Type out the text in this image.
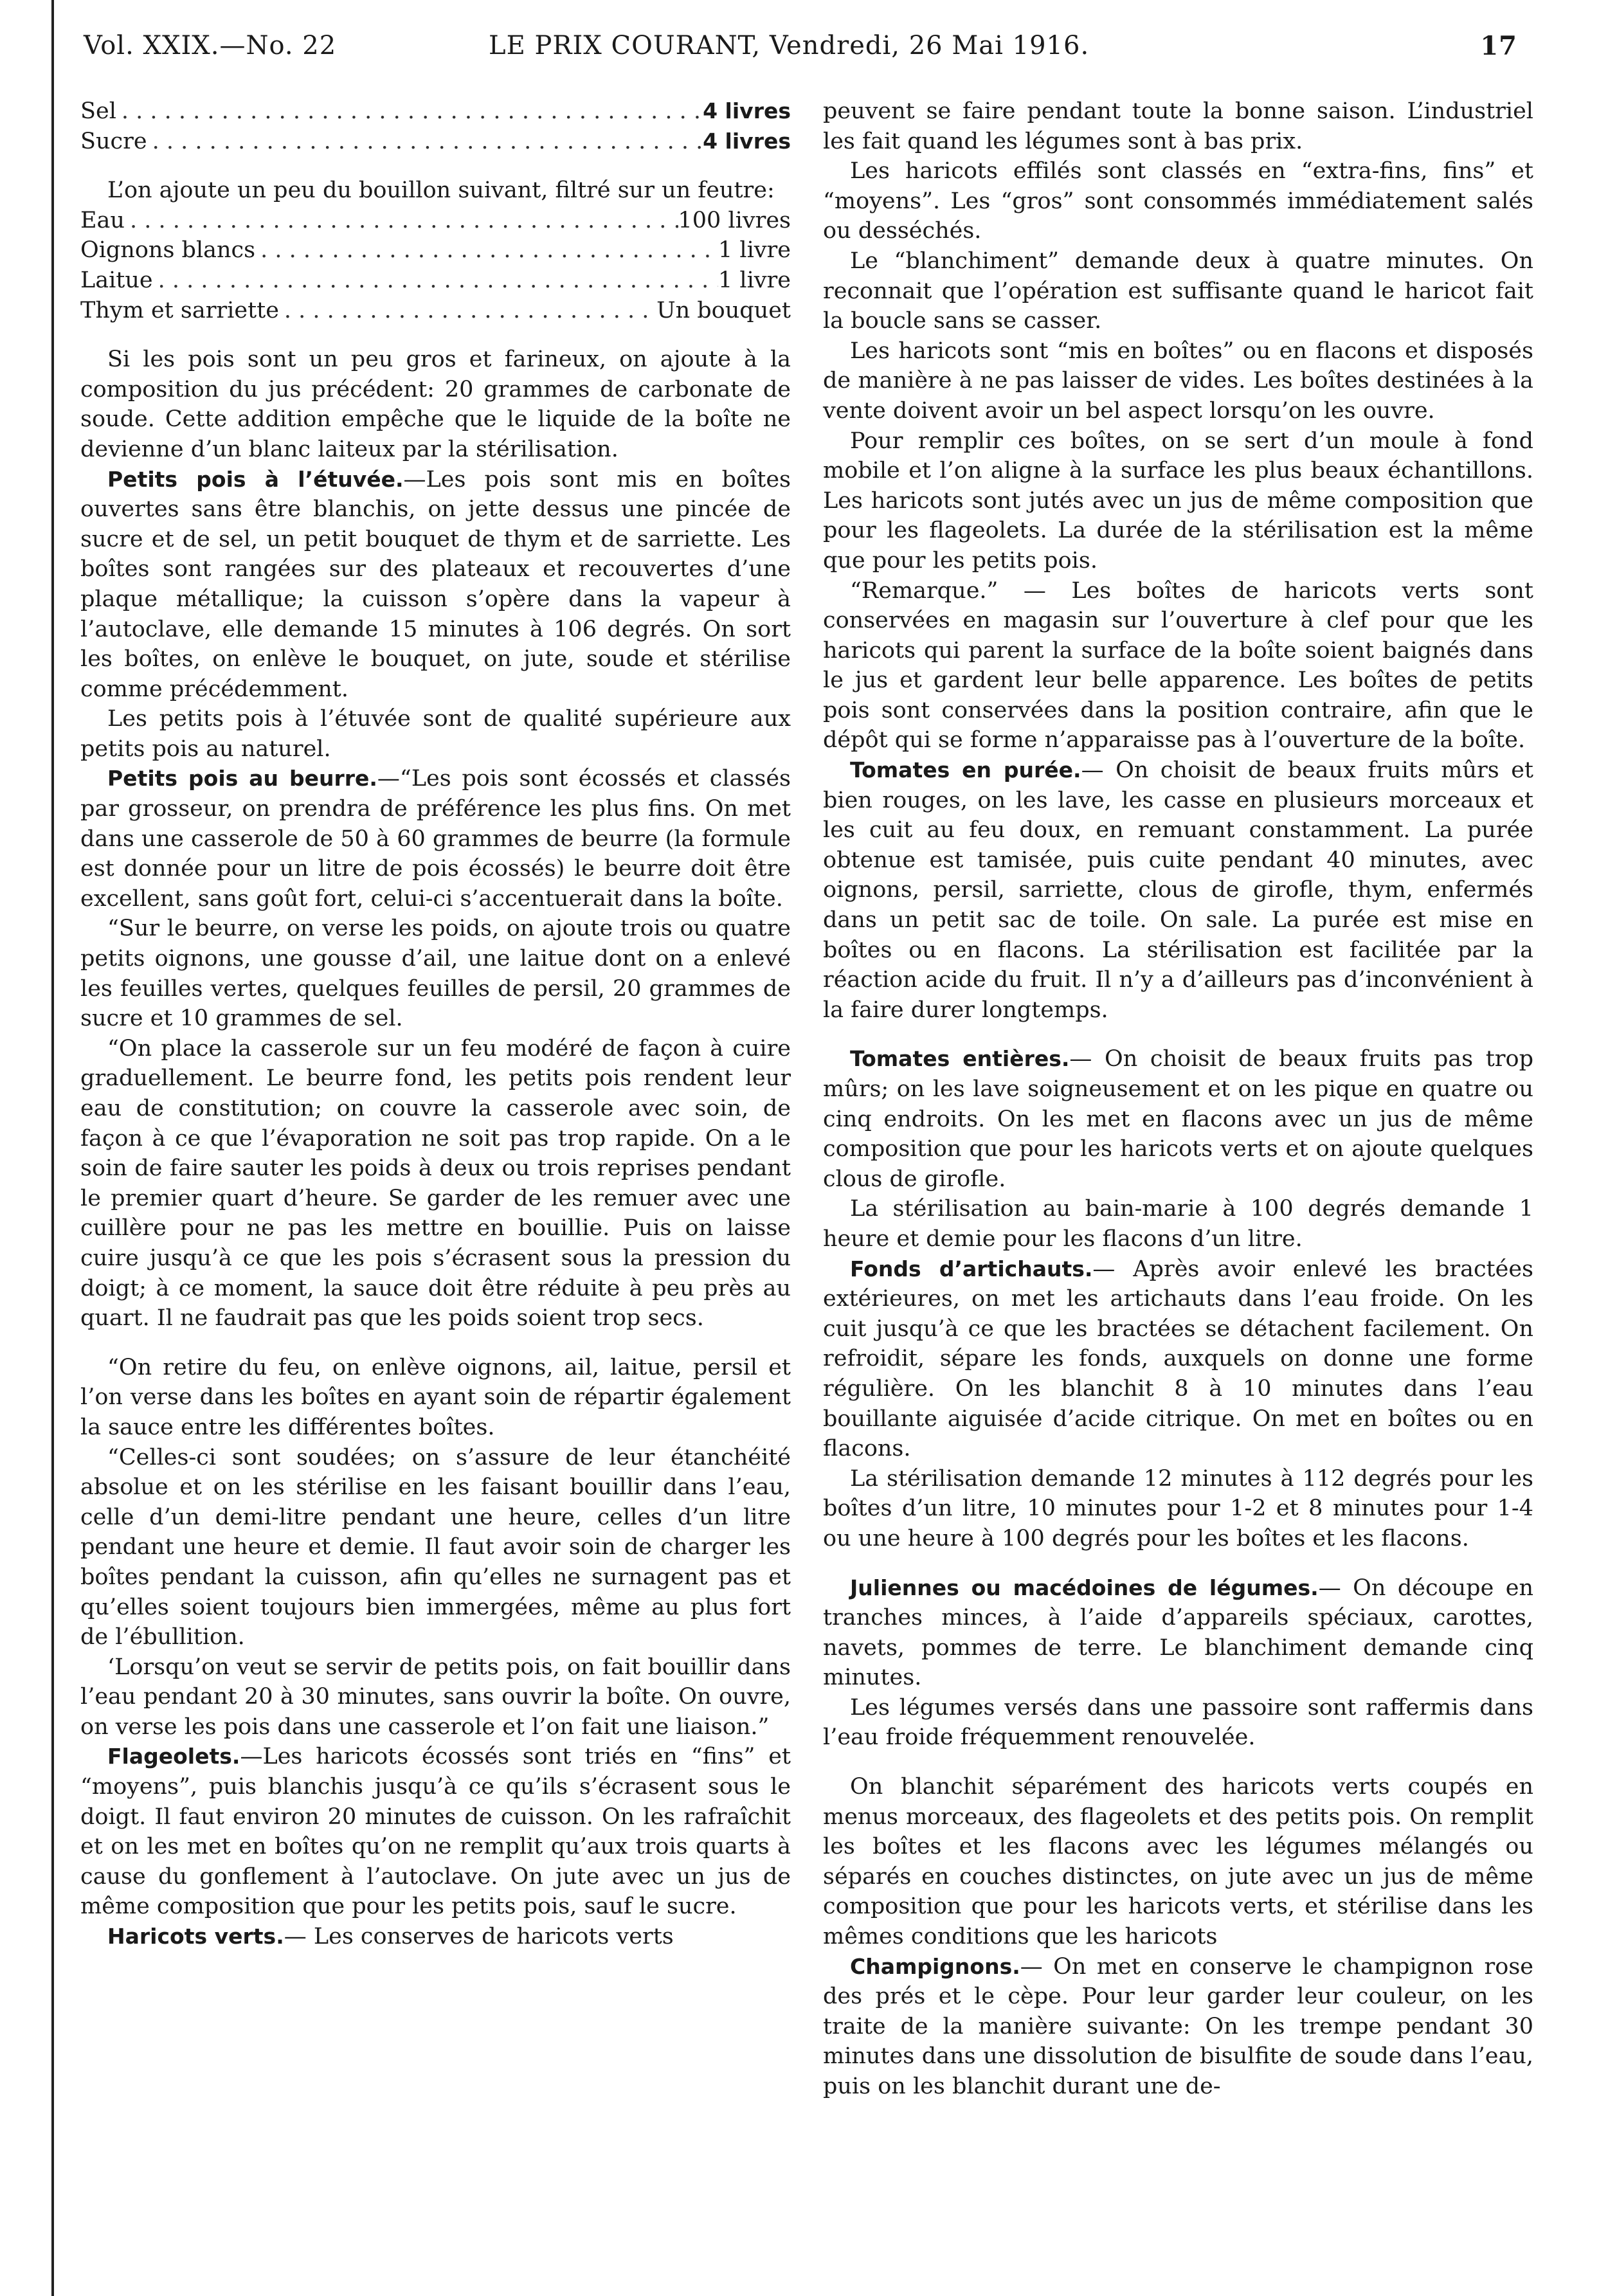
Vol. XXIX.—No. 22	LE PRIX COURANT, Vendredi, 26 Mai 1916.	17
Sel . . .	4 livres
Sucre . . .	4 livres

L’on ajoute un peu du bouillon suivant, filtré sur un feutre:

Eau . . .	100 livres
Oignons blancs . . .	1 livre
Laitue . . .	1 livre
Thym et sarriette . . .	Un bouquet

Si les pois sont un peu gros et farineux, on ajoute à la composition du jus précédent: 20 grammes de carbonate de soude. Cette addition empêche que le liquide de la boîte ne devienne d’un blanc laiteux par la stérilisation.

Petits pois à l’étuvée.—Les pois sont mis en boîtes ouvertes sans être blanchis, on jette dessus une pincée de sucre et de sel, un petit bouquet de thym et de sarriette. Les boîtes sont rangées sur des plateaux et recouvertes d’une plaque métallique; la cuisson s’opère dans la vapeur à l’autoclave, elle demande 15 minutes à 106 degrés. On sort les boîtes, on enlève le bouquet, on jute, soude et stérilise comme précédemment.

Les petits pois à l’étuvée sont de qualité supérieure aux petits pois au naturel.

Petits pois au beurre.—“Les pois sont écossés et classés par grosseur, on prendra de préférence les plus fins. On met dans une casserole de 50 à 60 grammes de beurre (la formule est donnée pour un litre de pois écossés) le beurre doit être excellent, sans goût fort, celui-ci s’accentuerait dans la boîte.

“Sur le beurre, on verse les poids, on ajoute trois ou quatre petits oignons, une gousse d’ail, une laitue dont on a enlevé les feuilles vertes, quelques feuilles de persil, 20 grammes de sucre et 10 grammes de sel.

“On place la casserole sur un feu modéré de façon à cuire graduellement. Le beurre fond, les petits pois rendent leur eau de constitution; on couvre la casserole avec soin, de façon à ce que l’évaporation ne soit pas trop rapide. On a le soin de faire sauter les poids à deux ou trois reprises pendant le premier quart d’heure. Se garder de les remuer avec une cuillère pour ne pas les mettre en bouillie. Puis on laisse cuire jusqu’à ce que les pois s’écrasent sous la pression du doigt; à ce moment, la sauce doit être réduite à peu près au quart. Il ne faudrait pas que les poids soient trop secs.

“On retire du feu, on enlève oignons, ail, laitue, persil et l’on verse dans les boîtes en ayant soin de répartir également la sauce entre les différentes boîtes.

“Celles-ci sont soudées; on s’assure de leur étanchéité absolue et on les stérilise en les faisant bouillir dans l’eau, celle d’un demi-litre pendant une heure, celles d’un litre pendant une heure et demie. Il faut avoir soin de charger les boîtes pendant la cuisson, afin qu’elles ne surnagent pas et qu’elles soient toujours bien immergées, même au plus fort de l’ébullition.

‘Lorsqu’on veut se servir de petits pois, on fait bouillir dans l’eau pendant 20 à 30 minutes, sans ouvrir la boîte. On ouvre, on verse les pois dans une casserole et l’on fait une liaison.”

Flageolets.—Les haricots écossés sont triés en “fins” et “moyens”, puis blanchis jusqu’à ce qu’ils s’écrasent sous le doigt. Il faut environ 20 minutes de cuisson. On les rafraîchit et on les met en boîtes qu’on ne remplit qu’aux trois quarts à cause du gonflement à l’autoclave. On jute avec un jus de même composition que pour les petits pois, sauf le sucre.

Haricots verts.— Les conserves de haricots verts

peuvent se faire pendant toute la bonne saison. L’industriel les fait quand les légumes sont à bas prix.

Les haricots effilés sont classés en “extra-fins, fins” et “moyens”. Les “gros” sont consommés immédiatement salés ou desséchés.

Le “blanchiment” demande deux à quatre minutes. On reconnait que l’opération est suffisante quand le haricot fait la boucle sans se casser.

Les haricots sont “mis en boîtes” ou en flacons et disposés de manière à ne pas laisser de vides. Les boîtes destinées à la vente doivent avoir un bel aspect lorsqu’on les ouvre.

Pour remplir ces boîtes, on se sert d’un moule à fond mobile et l’on aligne à la surface les plus beaux échantillons. Les haricots sont jutés avec un jus de même composition que pour les flageolets. La durée de la stérilisation est la même que pour les petits pois.

“Remarque.” — Les boîtes de haricots verts sont conservées en magasin sur l’ouverture à clef pour que les haricots qui parent la surface de la boîte soient baignés dans le jus et gardent leur belle apparence. Les boîtes de petits pois sont conservées dans la position contraire, afin que le dépôt qui se forme n’apparaisse pas à l’ouverture de la boîte.

Tomates en purée.— On choisit de beaux fruits mûrs et bien rouges, on les lave, les casse en plusieurs morceaux et les cuit au feu doux, en remuant constamment. La purée obtenue est tamisée, puis cuite pendant 40 minutes, avec oignons, persil, sarriette, clous de girofle, thym, enfermés dans un petit sac de toile. On sale. La purée est mise en boîtes ou en flacons. La stérilisation est facilitée par la réaction acide du fruit. Il n’y a d’ailleurs pas d’inconvénient à la faire durer longtemps.

Tomates entières.— On choisit de beaux fruits pas trop mûrs; on les lave soigneusement et on les pique en quatre ou cinq endroits. On les met en flacons avec un jus de même composition que pour les haricots verts et on ajoute quelques clous de girofle.

La stérilisation au bain-marie à 100 degrés demande 1 heure et demie pour les flacons d’un litre.

Fonds d’artichauts.— Après avoir enlevé les bractées extérieures, on met les artichauts dans l’eau froide. On les cuit jusqu’à ce que les bractées se détachent facilement. On refroidit, sépare les fonds, auxquels on donne une forme régulière. On les blanchit 8 à 10 minutes dans l’eau bouillante aiguisée d’acide citrique. On met en boîtes ou en flacons.

La stérilisation demande 12 minutes à 112 degrés pour les boîtes d’un litre, 10 minutes pour 1-2 et 8 minutes pour 1-4 ou une heure à 100 degrés pour les boîtes et les flacons.

Juliennes ou macédoines de légumes.— On découpe en tranches minces, à l’aide d’appareils spéciaux, carottes, navets, pommes de terre. Le blanchiment demande cinq minutes.

Les légumes versés dans une passoire sont raffermis dans l’eau froide fréquemment renouvelée.

On blanchit séparément des haricots verts coupés en menus morceaux, des flageolets et des petits pois. On remplit les boîtes et les flacons avec les légumes mélangés ou séparés en couches distinctes, on jute avec un jus de même composition que pour les haricots verts, et stérilise dans les mêmes conditions que les haricots

Champignons.— On met en conserve le champignon rose des prés et le cèpe. Pour leur garder leur couleur, on les traite de la manière suivante: On les trempe pendant 30 minutes dans une dissolution de bisulfite de soude dans l’eau, puis on les blanchit durant une de-
